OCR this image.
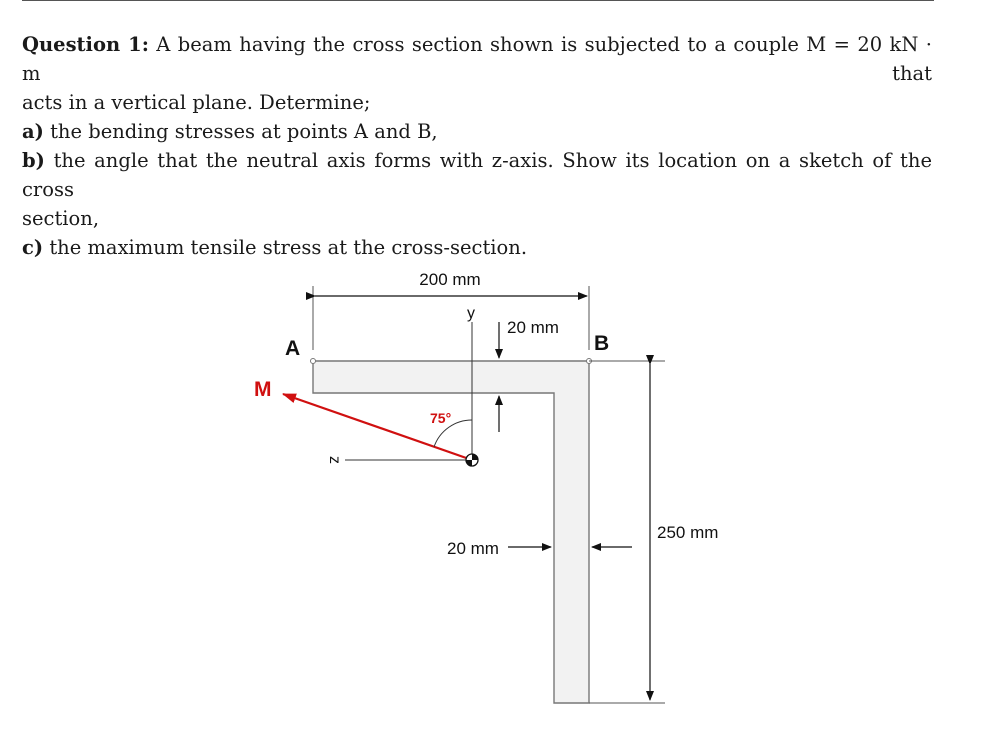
Question 1: A beam having the cross section shown is subjected to a couple M = 20 kN · m that

acts in a vertical plane. Determine;

a) the bending stresses at points A and B,

b) the angle that the neutral axis forms with z-axis. Show its location on a sketch of the cross

section,

c) the maximum tensile stress at the cross-section.

200 mm
A	B
y
z
20 mm
20 mm
250 mm
M
75°
